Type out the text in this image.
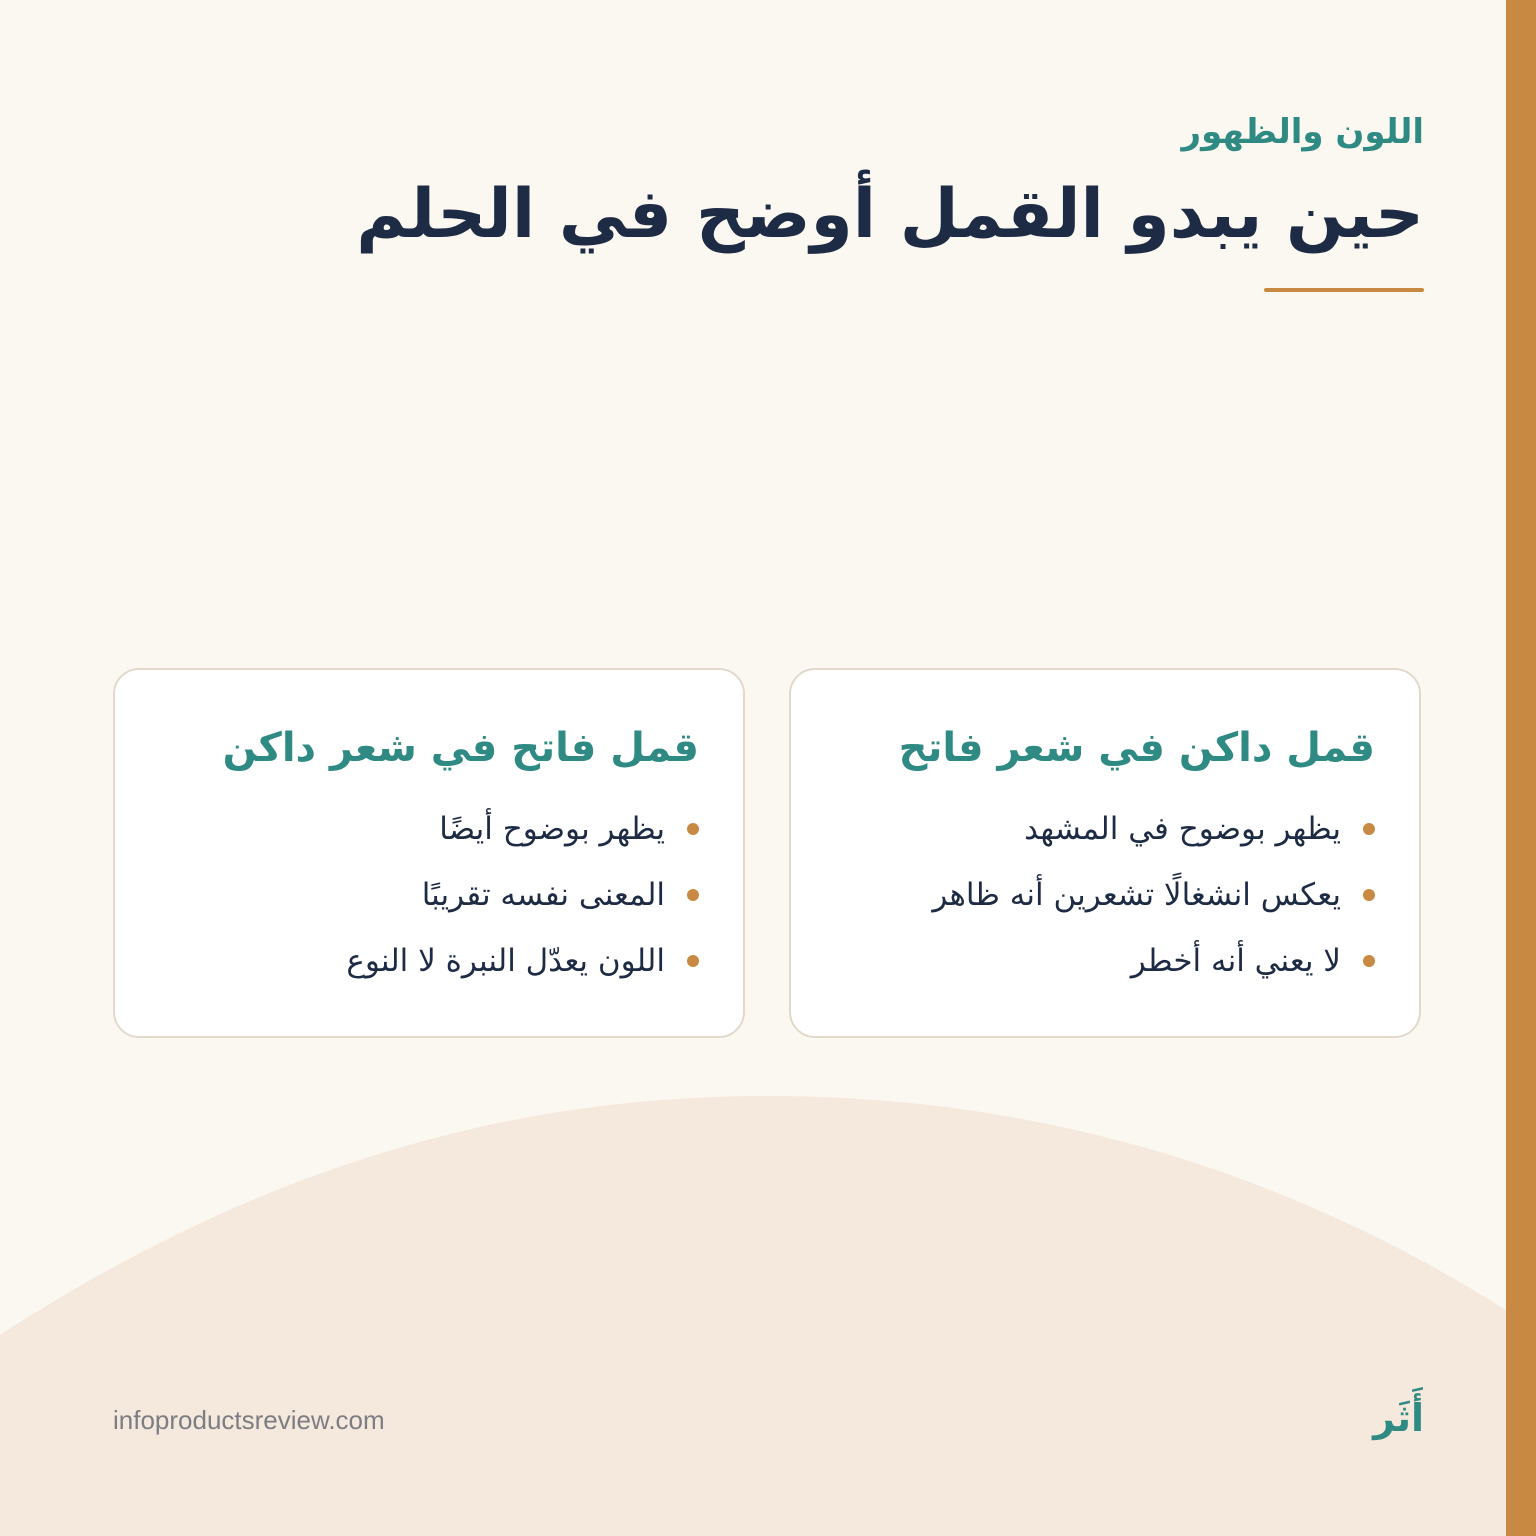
اللون والظهور
حين يبدو القمل أوضح في الحلم
قمل داكن في شعر فاتح
يظهر بوضوح في المشهد
يعكس انشغالًا تشعرين أنه ظاهر
لا يعني أنه أخطر
قمل فاتح في شعر داكن
يظهر بوضوح أيضًا
المعنى نفسه تقريبًا
اللون يعدّل النبرة لا النوع
infoproductsreview.com	أَثَر
